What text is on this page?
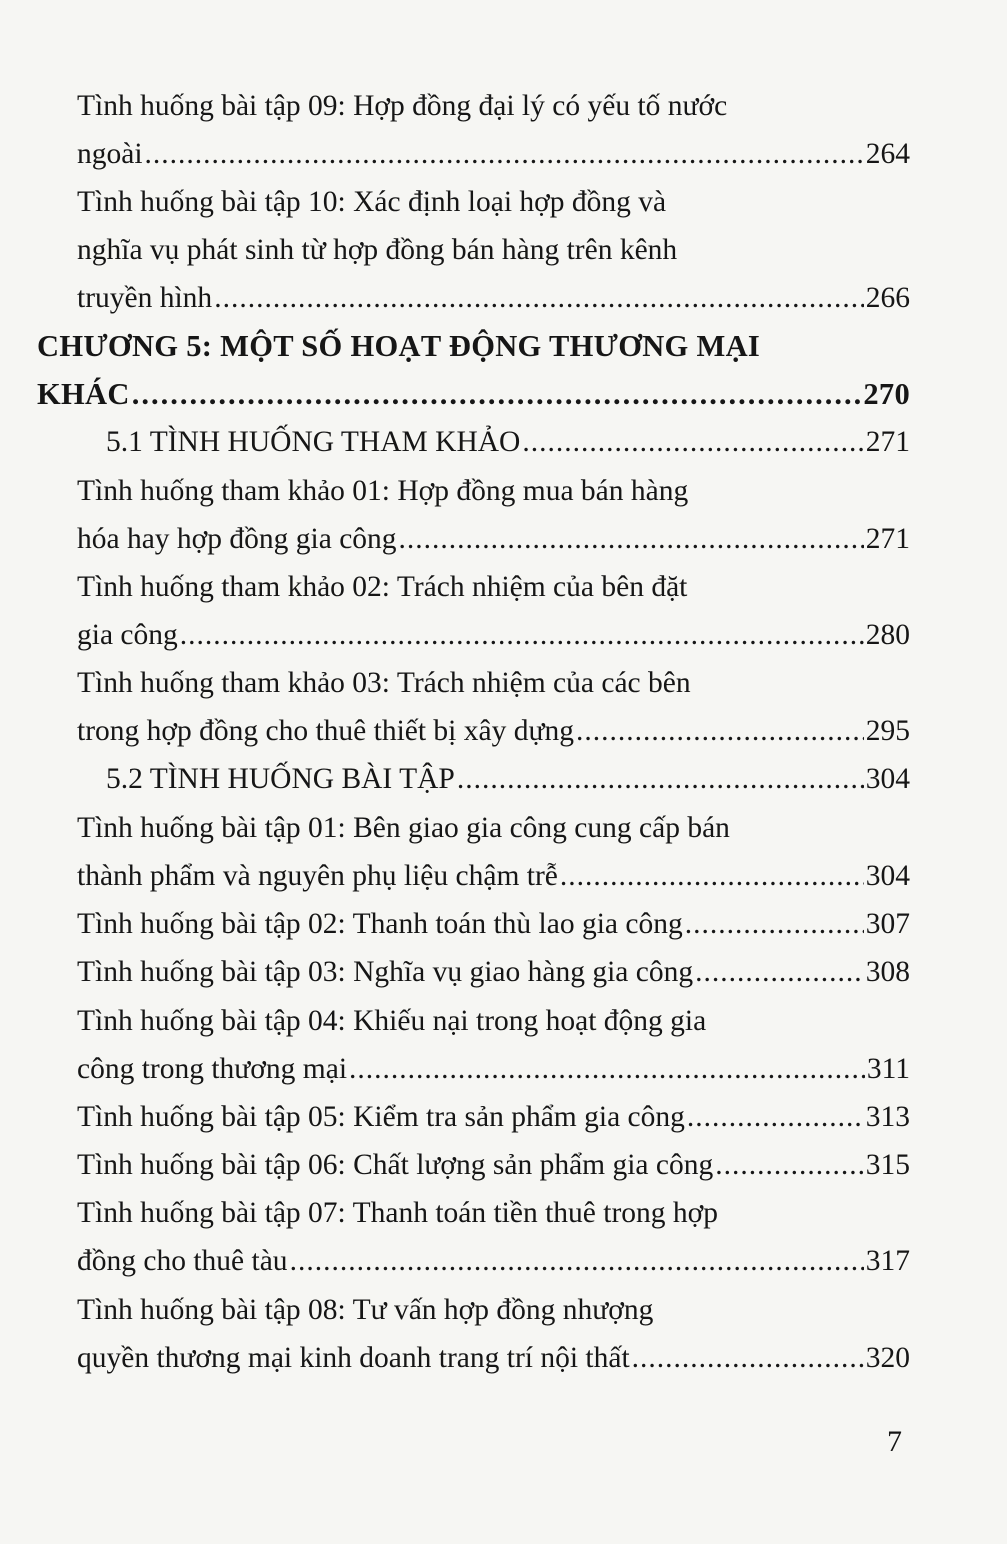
Tình huống bài tập 09: Hợp đồng đại lý có yếu tố nước
ngoài .....	264
Tình huống bài tập 10: Xác định loại hợp đồng và
nghĩa vụ phát sinh từ hợp đồng bán hàng trên kênh
truyền hình .....	266
CHƯƠNG 5: MỘT SỐ HOẠT ĐỘNG THƯƠNG MẠI
KHÁC .....	270
5.1 TÌNH HUỐNG THAM KHẢO .....	271
Tình huống tham khảo 01: Hợp đồng mua bán hàng
hóa hay hợp đồng gia công .....	271
Tình huống tham khảo 02: Trách nhiệm của bên đặt
gia công .....	280
Tình huống tham khảo 03: Trách nhiệm của các bên
trong hợp đồng cho thuê thiết bị xây dựng .....	295
5.2 TÌNH HUỐNG BÀI TẬP .....	304
Tình huống bài tập 01: Bên giao gia công cung cấp bán
thành phẩm và nguyên phụ liệu chậm trễ .....	304
Tình huống bài tập 02: Thanh toán thù lao gia công .....	307
Tình huống bài tập 03: Nghĩa vụ giao hàng gia công .....	308
Tình huống bài tập 04: Khiếu nại trong hoạt động gia
công trong thương mại .....	311
Tình huống bài tập 05: Kiểm tra sản phẩm gia công .....	313
Tình huống bài tập 06: Chất lượng sản phẩm gia công .....	315
Tình huống bài tập 07: Thanh toán tiền thuê trong hợp
đồng cho thuê tàu .....	317
Tình huống bài tập 08: Tư vấn hợp đồng nhượng
quyền thương mại kinh doanh trang trí nội thất .....	320
7
